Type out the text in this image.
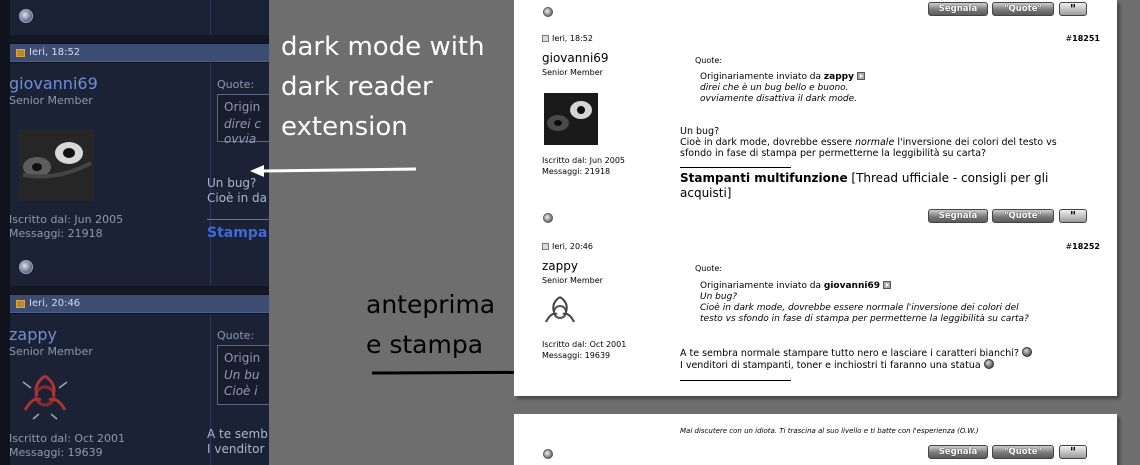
Ieri, 18:52
giovanni69
Senior Member
Iscritto dal: Jun 2005
Messaggi: 21918
Quote:
Origin
direi c
ovvia
Un bug?
Cioè in da
Stampa
Ieri, 20:46
zappy
Senior Member
Iscritto dal: Oct 2001
Messaggi: 19639
Quote:
Origin
Un bu
Cioè i
A te semb
I venditor
dark mode with
dark reader
extension
anteprima
e stampa
Segnala	"Quote"	"
Ieri, 18:52	#18251
giovanni69
Senior Member
Iscritto dal: Jun 2005
Messaggi: 21918
Quote:
Originariamente inviato da zappy
direi che è un bug bello e buono.
ovviamente disattiva il dark mode.
Un bug?
Cioè in dark mode, dovrebbe essere normale l'inversione dei colori del testo vs
sfondo in fase di stampa per permetterne la leggibilità su carta?
Stampanti multifunzione [Thread ufficiale - consigli per gli
acquisti]
Segnala	"Quote"	"
Ieri, 20:46	#18252
zappy
Senior Member
Iscritto dal: Oct 2001
Messaggi: 19639
Quote:
Originariamente inviato da giovanni69
Un bug?
Cioè in dark mode, dovrebbe essere normale l'inversione dei colori del
testo vs sfondo in fase di stampa per permetterne la leggibilità su carta?
A te sembra normale stampare tutto nero e lasciare i caratteri bianchi?
I venditori di stampanti, toner e inchiostri ti faranno una statua
Mai discutere con un idiota. Ti trascina al suo livello e ti batte con l'esperienza (O.W.)
Segnala	"Quote"	"
